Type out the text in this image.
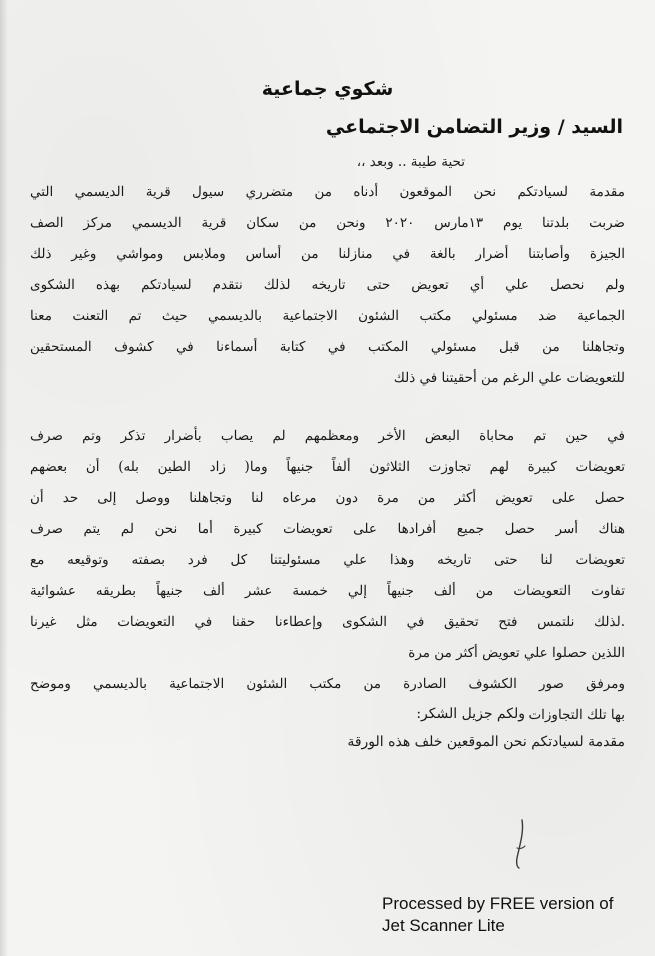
شكوي جماعية
السيد / وزير التضامن الاجتماعي
تحية طيبة .. وبعد ،،
مقدمة لسيادتكم نحن الموقعون أدناه من متضرري سيول قرية الديسمي التي
ضربت بلدتنا يوم ١٣مارس ٢٠٢٠ ونحن من سكان قرية الديسمي مركز الصف
الجيزة وأصابتنا أضرار بالغة في منازلنا من أساس وملابس ومواشي وغير ذلك
ولم نحصل علي أي تعويض حتى تاريخه لذلك نتقدم لسيادتكم بهذه الشكوى
الجماعية ضد مسئولي مكتب الشئون الاجتماعية بالديسمي حيث تم التعنت معنا
وتجاهلنا من قبل مسئولي المكتب في كتابة أسماءنا في كشوف المستحقين
للتعويضات علي الرغم من أحقيتنا في ذلك
في حين تم محاباة البعض الأخر ومعظمهم لم يصاب بأضرار تذكر وتم صرف
تعويضات كبيرة لهم تجاوزت الثلاثون ألفاً جنيهاً وما( زاد الطين بله) أن بعضهم
حصل على تعويض أكثر من مرة دون مرعاه لنا وتجاهلنا ووصل إلى حد أن
هناك أسر حصل جميع أفرادها على تعويضات كبيرة أما نحن لم يتم صرف
تعويضات لنا حتى تاريخه وهذا علي مسئوليتنا كل فرد بصفته وتوقيعه مع
تفاوت التعويضات من ألف جنيهاً إلي خمسة عشر ألف جنيهاً بطريقه عشوائية
.لذلك نلتمس فتح تحقيق في الشكوى وإعطاءنا حقنا في التعويضات مثل غيرنا
اللذين حصلوا علي تعويض أكثر من مرة
ومرفق صور الكشوف الصادرة من مكتب الشئون الاجتماعية بالديسمي وموضح
بها تلك التجاوزات
ولكم جزيل الشكر:
مقدمة لسيادتكم نحن الموقعين خلف هذه الورقة
Processed by FREE version of
Jet Scanner Lite
